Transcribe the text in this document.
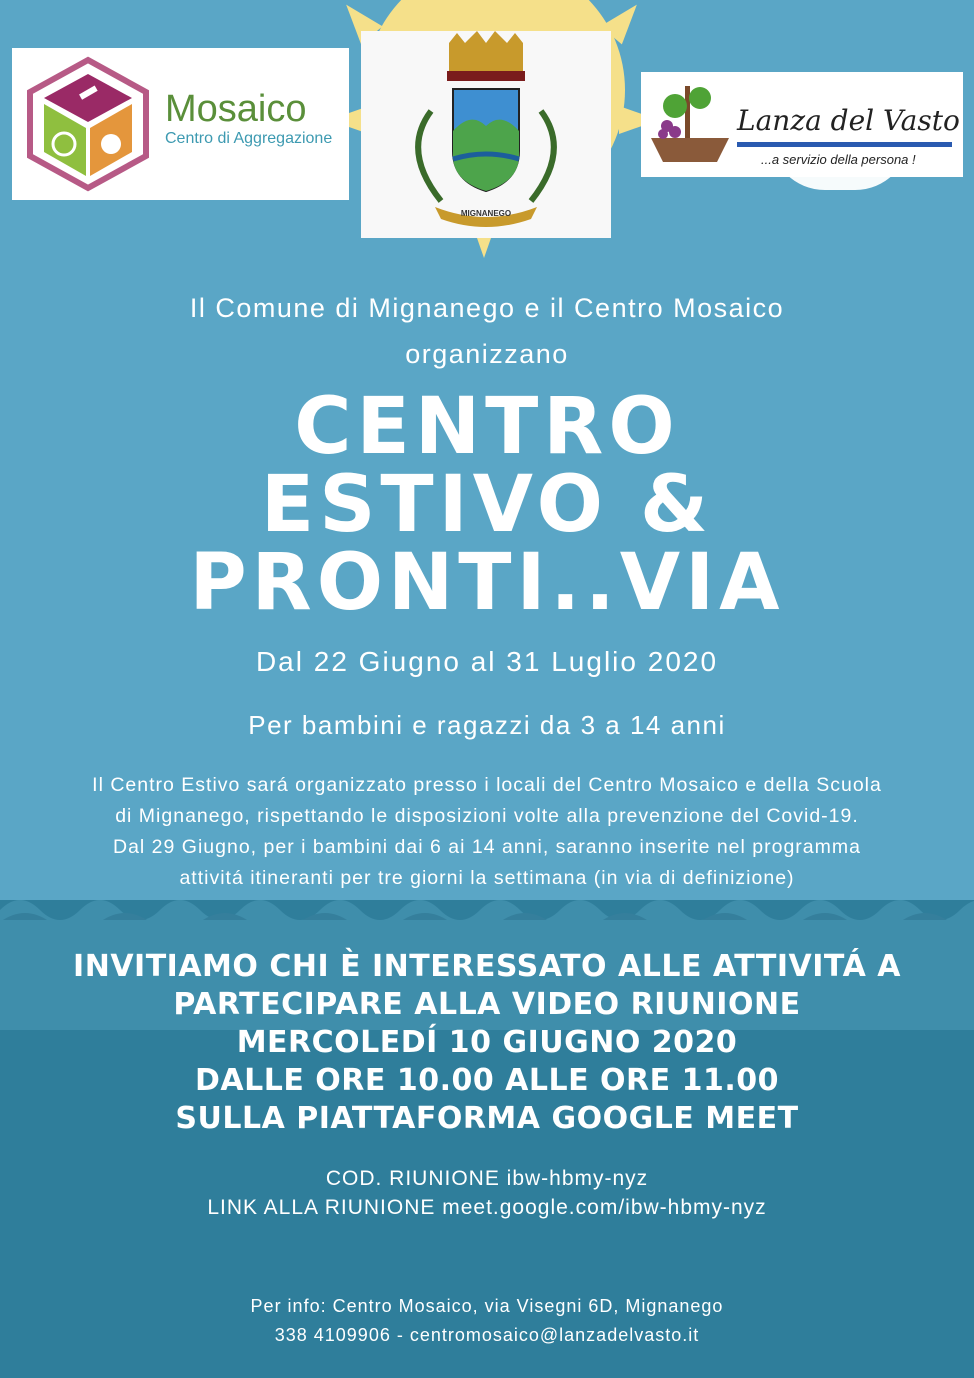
Mosaico
Centro di Aggregazione
MIGNANEGO
Lanza del Vasto
...a servizio della persona !
Il Comune di Mignanego e il Centro Mosaico
organizzano
CENTRO
ESTIVO &
PRONTI..VIA
Dal 22 Giugno al 31 Luglio 2020
Per bambini e ragazzi da 3 a 14 anni
Il Centro Estivo sará organizzato presso i locali del Centro Mosaico e della Scuola
di Mignanego, rispettando le disposizioni volte alla prevenzione del Covid-19.
Dal 29 Giugno, per i bambini dai 6 ai 14 anni, saranno inserite nel programma
attivitá itineranti per tre giorni la settimana (in via di definizione)
INVITIAMO CHI È INTERESSATO ALLE ATTIVITÁ A
PARTECIPARE ALLA VIDEO RIUNIONE
MERCOLEDÍ 10 GIUGNO 2020
DALLE ORE 10.00 ALLE ORE 11.00
SULLA PIATTAFORMA GOOGLE MEET
COD. RIUNIONE ibw-hbmy-nyz
LINK ALLA RIUNIONE meet.google.com/ibw-hbmy-nyz
Per info: Centro Mosaico, via Visegni 6D, Mignanego
338 4109906 - centromosaico@lanzadelvasto.it
